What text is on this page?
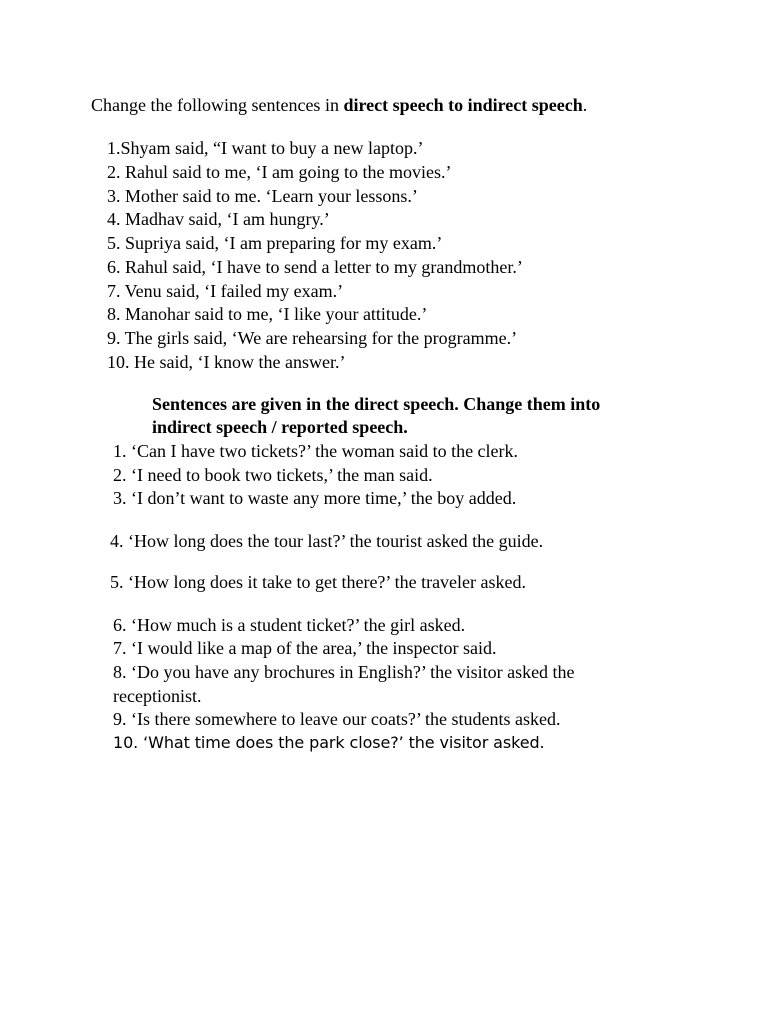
Change the following sentences in direct speech to indirect speech.
1.Shyam said, “I want to buy a new laptop.’
2. Rahul said to me, ‘I am going to the movies.’
3. Mother said to me. ‘Learn your lessons.’
4. Madhav said, ‘I am hungry.’
5. Supriya said, ‘I am preparing for my exam.’
6. Rahul said, ‘I have to send a letter to my grandmother.’
7. Venu said, ‘I failed my exam.’
8. Manohar said to me, ‘I like your attitude.’
9. The girls said, ‘We are rehearsing for the programme.’
10. He said, ‘I know the answer.’
Sentences are given in the direct speech. Change them into
indirect speech / reported speech.
1. ‘Can I have two tickets?’ the woman said to the clerk.
2. ‘I need to book two tickets,’ the man said.
3. ‘I don’t want to waste any more time,’ the boy added.
4. ‘How long does the tour last?’ the tourist asked the guide.
5. ‘How long does it take to get there?’ the traveler asked.
6. ‘How much is a student ticket?’ the girl asked.
7. ‘I would like a map of the area,’ the inspector said.
8. ‘Do you have any brochures in English?’ the visitor asked the
receptionist.
9. ‘Is there somewhere to leave our coats?’ the students asked.
10. ‘What time does the park close?’ the visitor asked.
